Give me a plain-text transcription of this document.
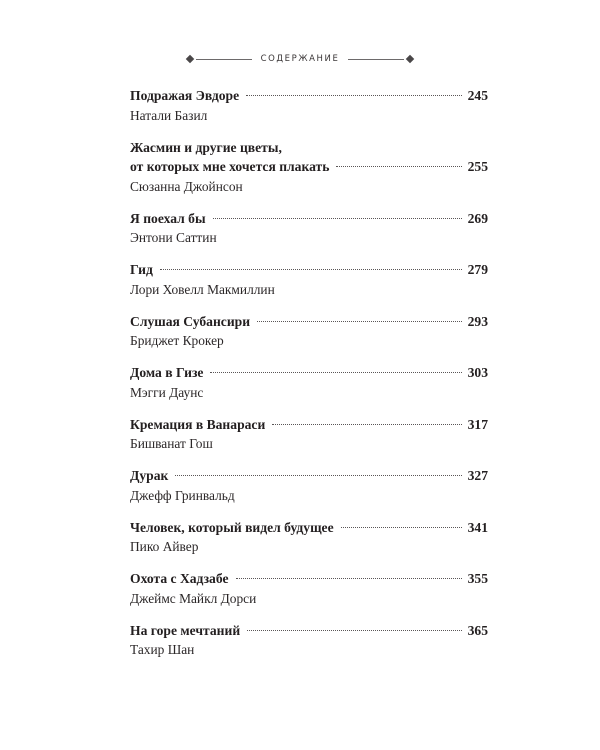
СОДЕРЖАНИЕ
Подражая Эвдоре	245
Натали Базил
Жасмин и другие цветы,
от которых мне хочется плакать	255
Сюзанна Джойнсон
Я поехал бы	269
Энтони Саттин
Гид	279
Лори Ховелл Макмиллин
Слушая Субансири	293
Бриджет Крокер
Дома в Гизе	303
Мэгги Даунс
Кремация в Ванараси	317
Бишванат Гош
Дурак	327
Джефф Гринвальд
Человек, который видел будущее	341
Пико Айвер
Охота с Хадзабе	355
Джеймс Майкл Дорси
На горе мечтаний	365
Тахир Шан
